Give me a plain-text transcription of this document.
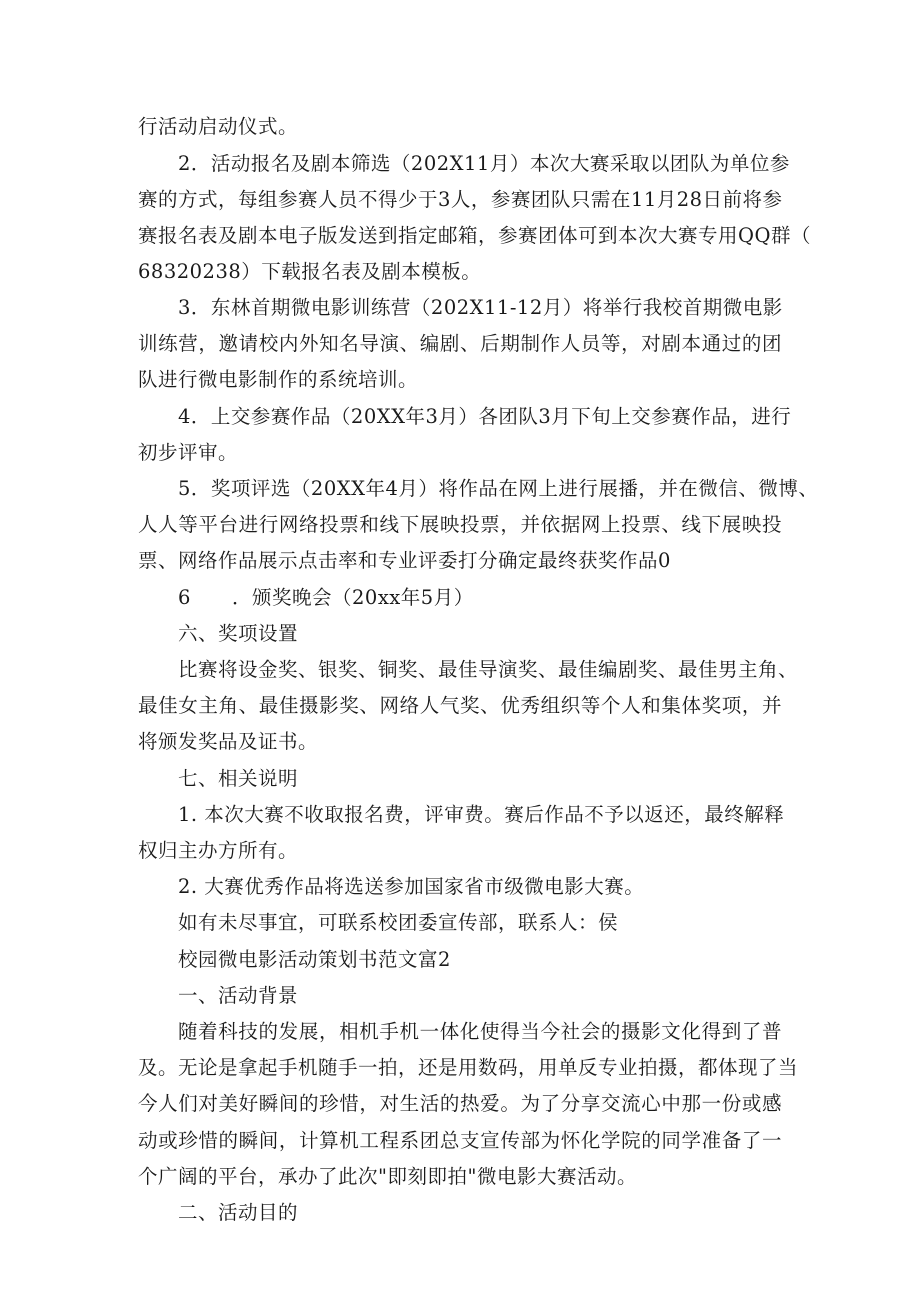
行活动启动仪式。
2．活动报名及剧本筛选（202X11月）本次大赛采取以团队为单位参
赛的方式，每组参赛人员不得少于3人，参赛团队只需在11月28日前将参
赛报名表及剧本电子版发送到指定邮箱，参赛团体可到本次大赛专用QQ群（
68320238）下载报名表及剧本模板。
3．东林首期微电影训练营（202X11-12月）将举行我校首期微电影
训练营，邀请校内外知名导演、编剧、后期制作人员等，对剧本通过的团
队进行微电影制作的系统培训。
4．上交参赛作品（20XX年3月）各团队3月下旬上交参赛作品，进行
初步评审。
5．奖项评选（20XX年4月）将作品在网上进行展播，并在微信、微博、
人人等平台进行网络投票和线下展映投票，并依据网上投票、线下展映投
票、网络作品展示点击率和专业评委打分确定最终获奖作品0
6 ．颁奖晚会（20xx年5月）
六、奖项设置
比赛将设金奖、银奖、铜奖、最佳导演奖、最佳编剧奖、最佳男主角、
最佳女主角、最佳摄影奖、网络人气奖、优秀组织等个人和集体奖项，并
将颁发奖品及证书。
七、相关说明
1. 本次大赛不收取报名费，评审费。赛后作品不予以返还，最终解释
权归主办方所有。
2. 大赛优秀作品将选送参加国家省市级微电影大赛。
如有未尽事宜，可联系校团委宣传部，联系人：侯
校园微电影活动策划书范文富2
一、活动背景
随着科技的发展，相机手机一体化使得当今社会的摄影文化得到了普
及。无论是拿起手机随手一拍，还是用数码，用单反专业拍摄，都体现了当
今人们对美好瞬间的珍惜，对生活的热爱。为了分享交流心中那一份或感
动或珍惜的瞬间，计算机工程系团总支宣传部为怀化学院的同学准备了一
个广阔的平台，承办了此次"即刻即拍"微电影大赛活动。
二、活动目的
